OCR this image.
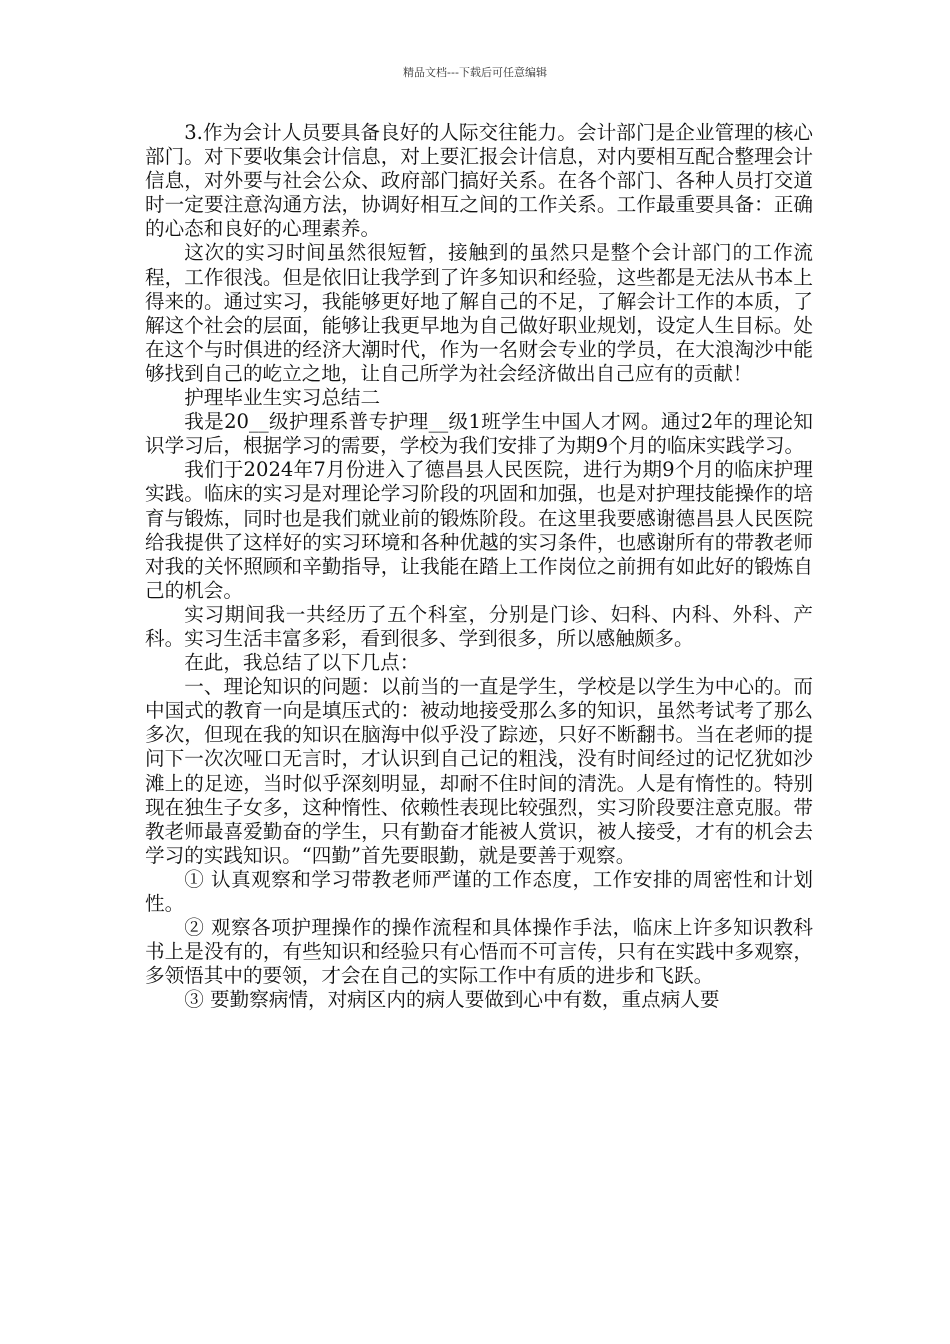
精品文档---下载后可任意编辑

3.作为会计人员要具备良好的人际交往能力。会计部门是企业管理的核心部门。对下要收集会计信息，对上要汇报会计信息，对内要相互配合整理会计信息，对外要与社会公众、政府部门搞好关系。在各个部门、各种人员打交道时一定要注意沟通方法，协调好相互之间的工作关系。工作最重要具备：正确的心态和良好的心理素养。

这次的实习时间虽然很短暂，接触到的虽然只是整个会计部门的工作流程，工作很浅。但是依旧让我学到了许多知识和经验，这些都是无法从书本上得来的。通过实习，我能够更好地了解自己的不足，了解会计工作的本质，了解这个社会的层面，能够让我更早地为自己做好职业规划，设定人生目标。处在这个与时俱进的经济大潮时代，作为一名财会专业的学员，在大浪淘沙中能够找到自己的屹立之地，让自己所学为社会经济做出自己应有的贡献！

护理毕业生实习总结二

我是20__级护理系普专护理__级1班学生中国人才网。通过2年的理论知识学习后，根据学习的需要，学校为我们安排了为期9个月的临床实践学习。

我们于2024年7月份进入了德昌县人民医院，进行为期9个月的临床护理实践。临床的实习是对理论学习阶段的巩固和加强，也是对护理技能操作的培育与锻炼，同时也是我们就业前的锻炼阶段。在这里我要感谢德昌县人民医院给我提供了这样好的实习环境和各种优越的实习条件，也感谢所有的带教老师对我的关怀照顾和辛勤指导，让我能在踏上工作岗位之前拥有如此好的锻炼自己的机会。

实习期间我一共经历了五个科室，分别是门诊、妇科、内科、外科、产科。实习生活丰富多彩，看到很多、学到很多，所以感触颇多。

在此，我总结了以下几点：

一、理论知识的问题：以前当的一直是学生，学校是以学生为中心的。而中国式的教育一向是填压式的：被动地接受那么多的知识，虽然考试考了那么多次，但现在我的知识在脑海中似乎没了踪迹，只好不断翻书。当在老师的提问下一次次哑口无言时，才认识到自己记的粗浅，没有时间经过的记忆犹如沙滩上的足迹，当时似乎深刻明显，却耐不住时间的清洗。人是有惰性的。特别现在独生子女多，这种惰性、依赖性表现比较强烈，实习阶段要注意克服。带教老师最喜爱勤奋的学生，只有勤奋才能被人赏识，被人接受，才有的机会去学习的实践知识。“四勤”首先要眼勤，就是要善于观察。

① 认真观察和学习带教老师严谨的工作态度，工作安排的周密性和计划性。

② 观察各项护理操作的操作流程和具体操作手法，临床上许多知识教科书上是没有的，有些知识和经验只有心悟而不可言传，只有在实践中多观察，多领悟其中的要领，才会在自己的实际工作中有质的进步和飞跃。

③ 要勤察病情，对病区内的病人要做到心中有数，重点病人要
